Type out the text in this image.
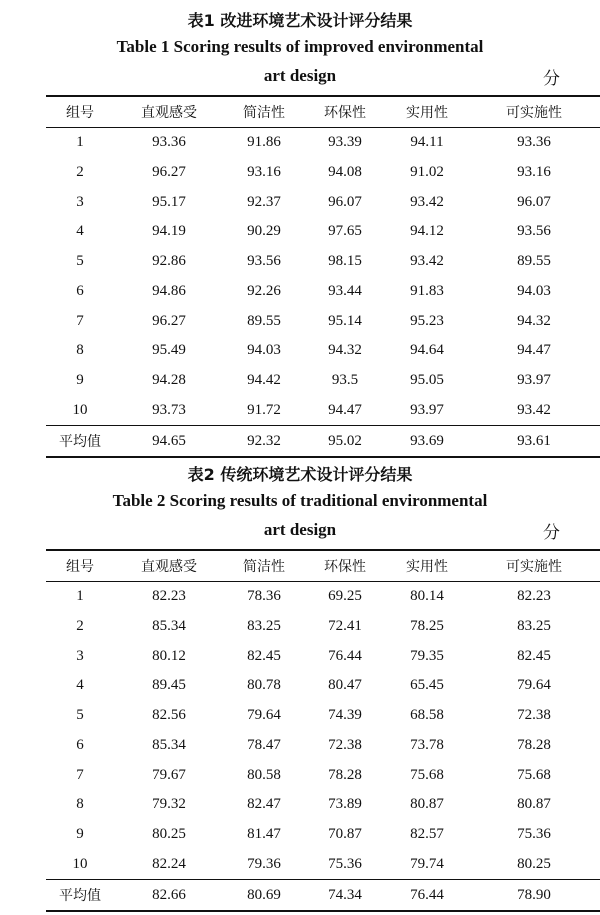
表1 改进环境艺术设计评分结果
Table 1 Scoring results of improved environmental
art design	分
组号	直观感受	简洁性	环保性	实用性	可实施性
1	93.36	91.86	93.39	94.11	93.36
2	96.27	93.16	94.08	91.02	93.16
3	95.17	92.37	96.07	93.42	96.07
4	94.19	90.29	97.65	94.12	93.56
5	92.86	93.56	98.15	93.42	89.55
6	94.86	92.26	93.44	91.83	94.03
7	96.27	89.55	95.14	95.23	94.32
8	95.49	94.03	94.32	94.64	94.47
9	94.28	94.42	93.5	95.05	93.97
10	93.73	91.72	94.47	93.97	93.42
平均值	94.65	92.32	95.02	93.69	93.61
表2 传统环境艺术设计评分结果
Table 2 Scoring results of traditional environmental
art design	分
组号	直观感受	简洁性	环保性	实用性	可实施性
1	82.23	78.36	69.25	80.14	82.23
2	85.34	83.25	72.41	78.25	83.25
3	80.12	82.45	76.44	79.35	82.45
4	89.45	80.78	80.47	65.45	79.64
5	82.56	79.64	74.39	68.58	72.38
6	85.34	78.47	72.38	73.78	78.28
7	79.67	80.58	78.28	75.68	75.68
8	79.32	82.47	73.89	80.87	80.87
9	80.25	81.47	70.87	82.57	75.36
10	82.24	79.36	75.36	79.74	80.25
平均值	82.66	80.69	74.34	76.44	78.90
